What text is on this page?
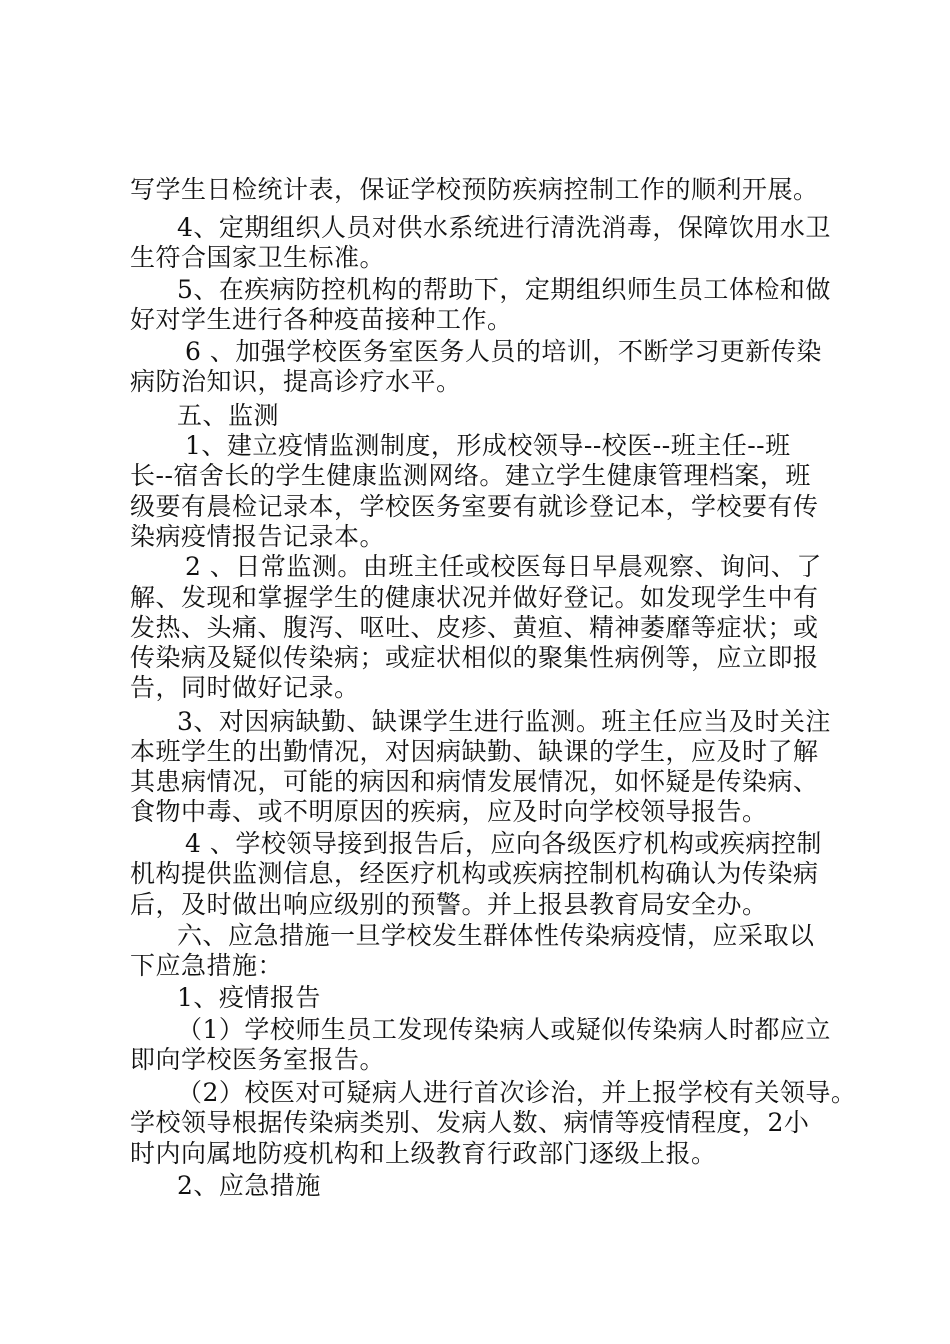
写学生日检统计表，保证学校预防疾病控制工作的顺利开展。
4、定期组织人员对供水系统进行清洗消毒，保障饮用水卫
生符合国家卫生标准。
5、在疾病防控机构的帮助下，定期组织师生员工体检和做
好对学生进行各种疫苗接种工作。
6 、加强学校医务室医务人员的培训，不断学习更新传染
病防治知识，提高诊疗水平。
五、监测
1、建立疫情监测制度，形成校领导--校医--班主任--班
长--宿舍长的学生健康监测网络。建立学生健康管理档案，班
级要有晨检记录本，学校医务室要有就诊登记本，学校要有传
染病疫情报告记录本。
2 、日常监测。由班主任或校医每日早晨观察、询问、了
解、发现和掌握学生的健康状况并做好登记。如发现学生中有
发热、头痛、腹泻、呕吐、皮疹、黄疸、精神萎靡等症状；或
传染病及疑似传染病；或症状相似的聚集性病例等，应立即报
告，同时做好记录。
3、对因病缺勤、缺课学生进行监测。班主任应当及时关注
本班学生的出勤情况，对因病缺勤、缺课的学生，应及时了解
其患病情况，可能的病因和病情发展情况，如怀疑是传染病、
食物中毒、或不明原因的疾病，应及时向学校领导报告。
4 、学校领导接到报告后，应向各级医疗机构或疾病控制
机构提供监测信息，经医疗机构或疾病控制机构确认为传染病
后，及时做出响应级别的预警。并上报县教育局安全办。
六、应急措施一旦学校发生群体性传染病疫情，应采取以
下应急措施：
1、疫情报告
（1）学校师生员工发现传染病人或疑似传染病人时都应立
即向学校医务室报告。
（2）校医对可疑病人进行首次诊治，并上报学校有关领导。
学校领导根据传染病类别、发病人数、病情等疫情程度，2小
时内向属地防疫机构和上级教育行政部门逐级上报。
2、应急措施
